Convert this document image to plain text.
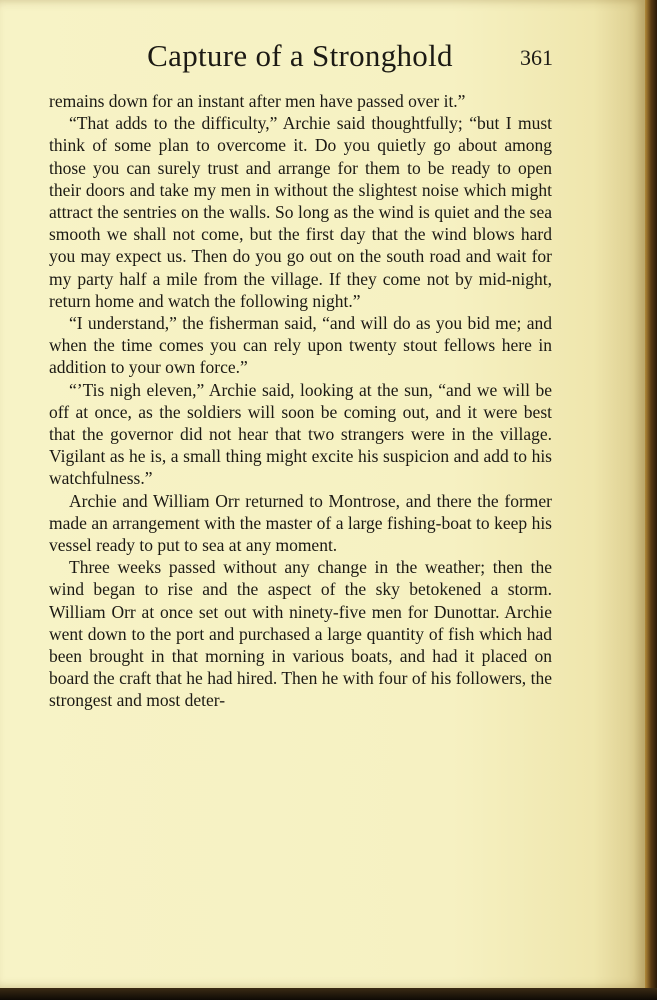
Capture of a Stronghold	361

remains down for an instant after men have passed over it.”

“That adds to the difficulty,” Archie said thoughtfully; “but I must think of some plan to overcome it. Do you quietly go about among those you can surely trust and arrange for them to be ready to open their doors and take my men in without the slightest noise which might attract the sentries on the walls. So long as the wind is quiet and the sea smooth we shall not come, but the first day that the wind blows hard you may expect us. Then do you go out on the south road and wait for my party half a mile from the village. If they come not by mid-night, return home and watch the following night.”

“I understand,” the fisherman said, “and will do as you bid me; and when the time comes you can rely upon twenty stout fellows here in addition to your own force.”

“’Tis nigh eleven,” Archie said, looking at the sun, “and we will be off at once, as the soldiers will soon be coming out, and it were best that the governor did not hear that two strangers were in the village. Vigilant as he is, a small thing might excite his suspicion and add to his watchfulness.”

Archie and William Orr returned to Montrose, and there the former made an arrangement with the master of a large fishing-boat to keep his vessel ready to put to sea at any moment.

Three weeks passed without any change in the weather; then the wind began to rise and the aspect of the sky betokened a storm. William Orr at once set out with ninety-five men for Dunottar. Archie went down to the port and purchased a large quantity of fish which had been brought in that morning in various boats, and had it placed on board the craft that he had hired. Then he with four of his followers, the strongest and most deter-
